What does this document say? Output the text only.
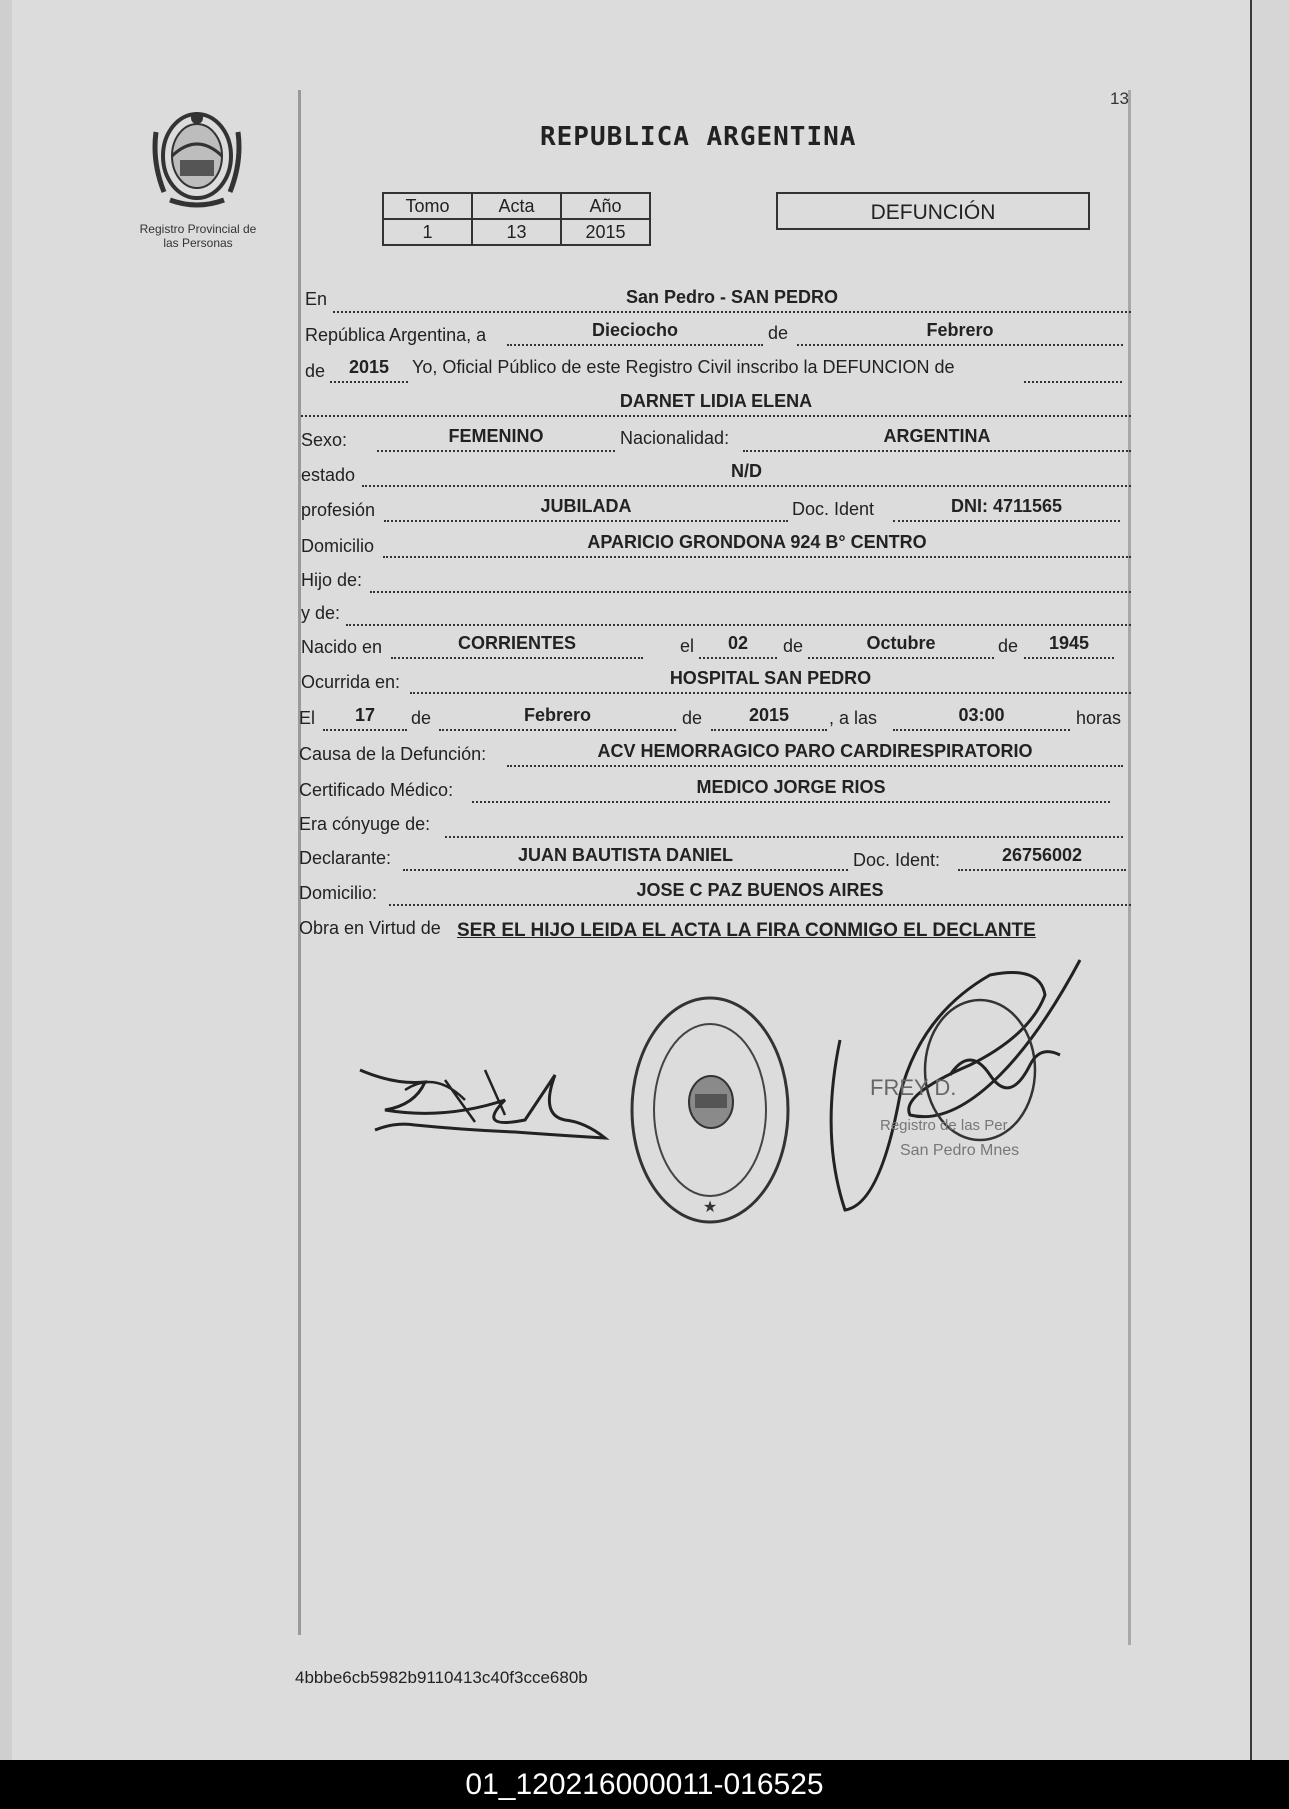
13
Registro Provincial de
las Personas
REPUBLICA ARGENTINA
Tomo	Acta	Año
1	13	2015
DEFUNCIÓN
En	San Pedro - SAN PEDRO
República Argentina, a	Dieciocho	de	Febrero
de	2015	Yo, Oficial Público de este Registro Civil inscribo la DEFUNCION de
DARNET LIDIA ELENA
Sexo:	FEMENINO	Nacionalidad:	ARGENTINA
estado	N/D
profesión	JUBILADA	Doc. Ident	DNI: 4711565
Domicilio	APARICIO GRONDONA 924 B° CENTRO
Hijo de:
y de:
Nacido en	CORRIENTES	el	02	de	Octubre	de	1945
Ocurrida en:	HOSPITAL SAN PEDRO
El	17	de	Febrero	de	2015	, a las	03:00	horas
Causa de la Defunción:	ACV HEMORRAGICO PARO CARDIRESPIRATORIO
Certificado Médico:	MEDICO JORGE RIOS
Era cónyuge de:
Declarante:	JUAN BAUTISTA DANIEL	Doc. Ident:	26756002
Domicilio:	JOSE C PAZ BUENOS AIRES
Obra en Virtud de SER EL HIJO LEIDA EL ACTA LA FIRA CONMIGO EL DECLANTE
★
FREY D.
Registro de las Per
San Pedro Mnes
4bbbe6cb5982b9110413c40f3cce680b
01_120216000011-016525
